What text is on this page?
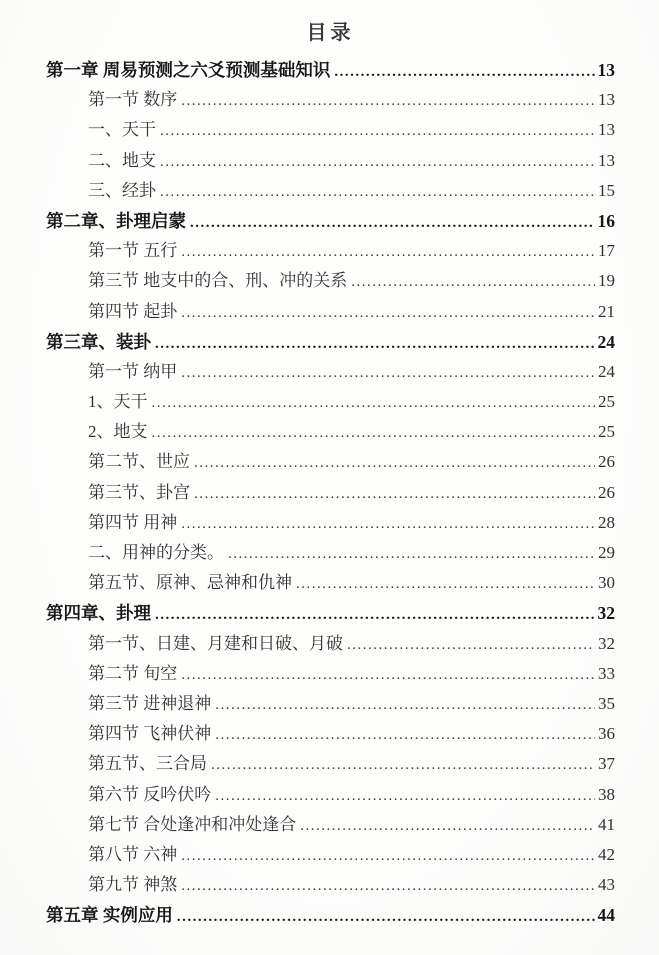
目录
第一章 周易预测之六爻预测基础知识 .....	13
第一节 数序 .....	13
一、天干 .....	13
二、地支 .....	13
三、经卦 .....	15
第二章、卦理启蒙 .....	16
第一节 五行 .....	17
第三节 地支中的合、刑、冲的关系 .....	19
第四节 起卦 .....	21
第三章、装卦 .....	24
第一节 纳甲 .....	24
1、天干 .....	25
2、地支 .....	25
第二节、世应 .....	26
第三节、卦宫 .....	26
第四节 用神 .....	28
二、用神的分类。 .....	29
第五节、原神、忌神和仇神 .....	30
第四章、卦理 .....	32
第一节、日建、月建和日破、月破 .....	32
第二节 旬空 .....	33
第三节 进神退神 .....	35
第四节 飞神伏神 .....	36
第五节、三合局 .....	37
第六节 反吟伏吟 .....	38
第七节 合处逢冲和冲处逢合 .....	41
第八节 六神 .....	42
第九节 神煞 .....	43
第五章 实例应用 .....	44
